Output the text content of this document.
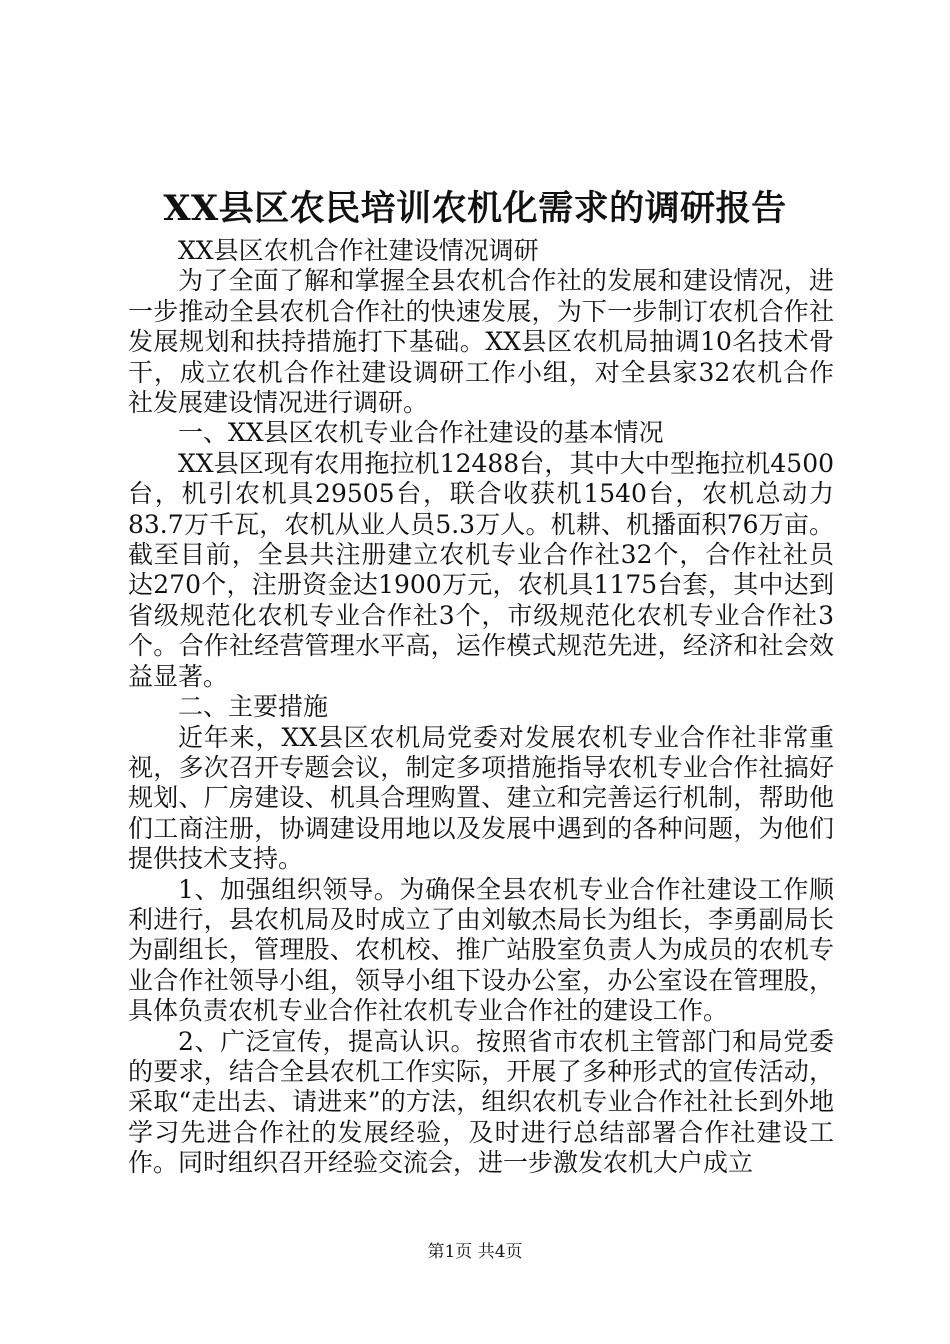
XX县区农民培训农机化需求的调研报告

XX县区农机合作社建设情况调研

为了全面了解和掌握全县农机合作社的发展和建设情况，进一步推动全县农机合作社的快速发展，为下一步制订农机合作社发展规划和扶持措施打下基础。XX县区农机局抽调10名技术骨干，成立农机合作社建设调研工作小组，对全县家32农机合作社发展建设情况进行调研。

一、XX县区农机专业合作社建设的基本情况

XX县区现有农用拖拉机12488台，其中大中型拖拉机4500台，机引农机具29505台，联合收获机1540台，农机总动力83.7万千瓦，农机从业人员5.3万人。机耕、机播面积76万亩。截至目前，全县共注册建立农机专业合作社32个，合作社社员达270个，注册资金达1900万元，农机具1175台套，其中达到省级规范化农机专业合作社3个，市级规范化农机专业合作社3个。合作社经营管理水平高，运作模式规范先进，经济和社会效益显著。

二、主要措施

近年来，XX县区农机局党委对发展农机专业合作社非常重视，多次召开专题会议，制定多项措施指导农机专业合作社搞好规划、厂房建设、机具合理购置、建立和完善运行机制，帮助他们工商注册，协调建设用地以及发展中遇到的各种问题，为他们提供技术支持。

1、加强组织领导。为确保全县农机专业合作社建设工作顺利进行，县农机局及时成立了由刘敏杰局长为组长，李勇副局长为副组长，管理股、农机校、推广站股室负责人为成员的农机专业合作社领导小组，领导小组下设办公室，办公室设在管理股，具体负责农机专业合作社农机专业合作社的建设工作。

2、广泛宣传，提高认识。按照省市农机主管部门和局党委的要求，结合全县农机工作实际，开展了多种形式的宣传活动，采取“走出去、请进来”的方法，组织农机专业合作社社长到外地学习先进合作社的发展经验，及时进行总结部署合作社建设工作。同时组织召开经验交流会，进一步激发农机大户成立

第1页 共4页
